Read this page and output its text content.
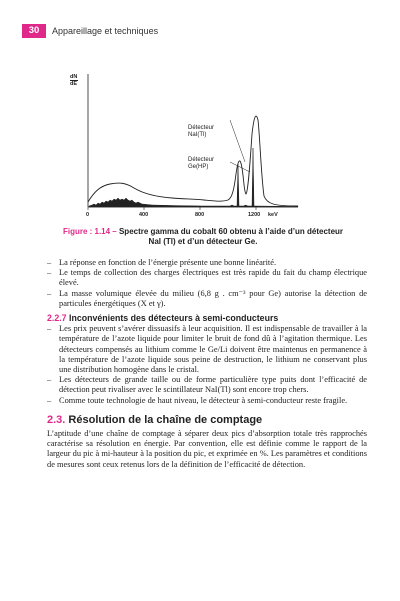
30	Appareillage et techniques
dN
dE
Détecteur
NaI(Tl)
Détecteur
Ge(HP)
0	400	800	1200 keV
Figure : 1.14 – Spectre gamma du cobalt 60 obtenu à l’aide d’un détecteur NaI (Tl) et d’un détecteur Ge.
– La réponse en fonction de l’énergie présente une bonne linéarité.
– Le temps de collection des charges électriques est très rapide du fait du champ électrique élevé.
– La masse volumique élevée du milieu (6,8 g . cm⁻³ pour Ge) autorise la détection de particules énergétiques (X et γ).
2.2.7 Inconvénients des détecteurs à semi-conducteurs
– Les prix peuvent s’avérer dissuasifs à leur acquisition. Il est indispensable de travailler à la température de l’azote liquide pour limiter le bruit de fond dû à l’agitation thermique. Les détecteurs compensés au lithium comme le Ge/Li doivent être maintenus en permanence à la température de l’azote liquide sous peine de destruction, le lithium ne conservant plus une distribution homogène dans le cristal.
– Les détecteurs de grande taille ou de forme particulière type puits dont l’efficacité de détection peut rivaliser avec le scintillateur NaI(Tl) sont encore trop chers.
– Comme toute technologie de haut niveau, le détecteur à semi-conducteur reste fragile.
2.3. Résolution de la chaîne de comptage
L’aptitude d’une chaîne de comptage à séparer deux pics d’absorption totale très rapprochés caractérise sa résolution en énergie. Par convention, elle est définie comme le rapport de la largeur du pic à mi-hauteur à la position du pic, et exprimée en %. Les paramètres et conditions de mesures sont ceux retenus lors de la définition de l’efficacité de détection.
